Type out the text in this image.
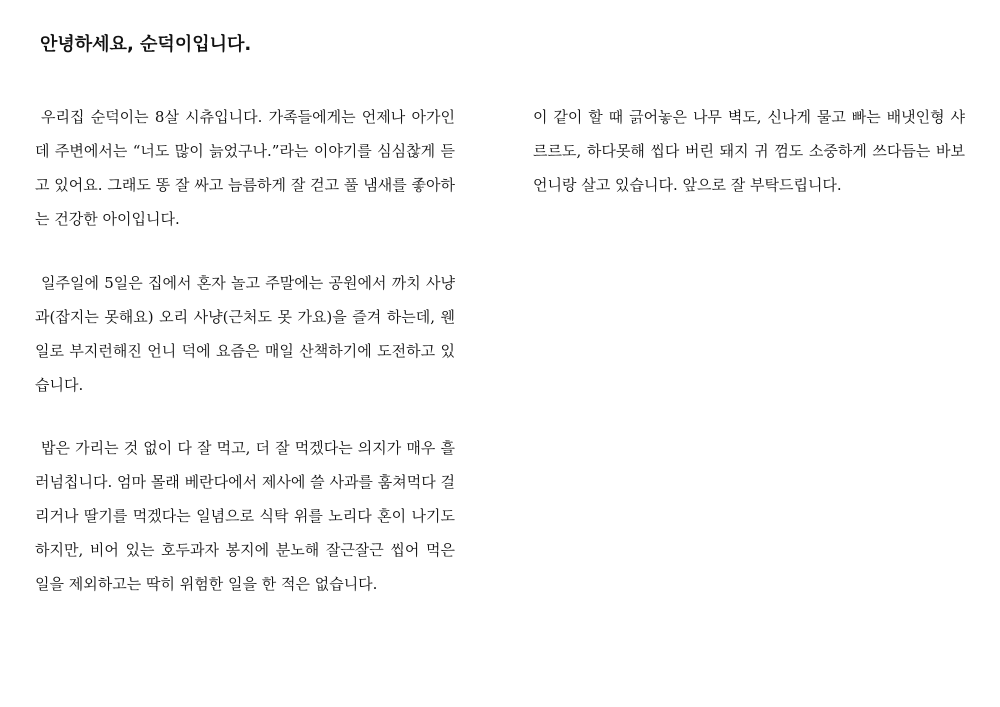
안녕하세요, 순덕이입니다.

우리집 순덕이는 8살 시츄입니다. 가족들에게는 언제나 아가인데 주변에서는 “너도 많이 늙었구나.”라는 이야기를 심심찮게 듣고 있어요. 그래도 똥 잘 싸고 늠름하게 잘 걷고 풀 냄새를 좋아하는 건강한 아이입니다.

일주일에 5일은 집에서 혼자 놀고 주말에는 공원에서 까치 사냥과(잡지는 못해요) 오리 사냥(근처도 못 가요)을 즐겨 하는데, 웬일로 부지런해진 언니 덕에 요즘은 매일 산책하기에 도전하고 있습니다.

밥은 가리는 것 없이 다 잘 먹고, 더 잘 먹겠다는 의지가 매우 흘러넘칩니다. 엄마 몰래 베란다에서 제사에 쓸 사과를 훔쳐먹다 걸리거나 딸기를 먹겠다는 일념으로 식탁 위를 노리다 혼이 나기도 하지만, 비어 있는 호두과자 봉지에 분노해 잘근잘근 씹어 먹은 일을 제외하고는 딱히 위험한 일을 한 적은 없습니다.

이 같이 할 때 긁어놓은 나무 벽도, 신나게 물고 빠는 배냇인형 샤르르도, 하다못해 씹다 버린 돼지 귀 껌도 소중하게 쓰다듬는 바보 언니랑 살고 있습니다. 앞으로 잘 부탁드립니다.
